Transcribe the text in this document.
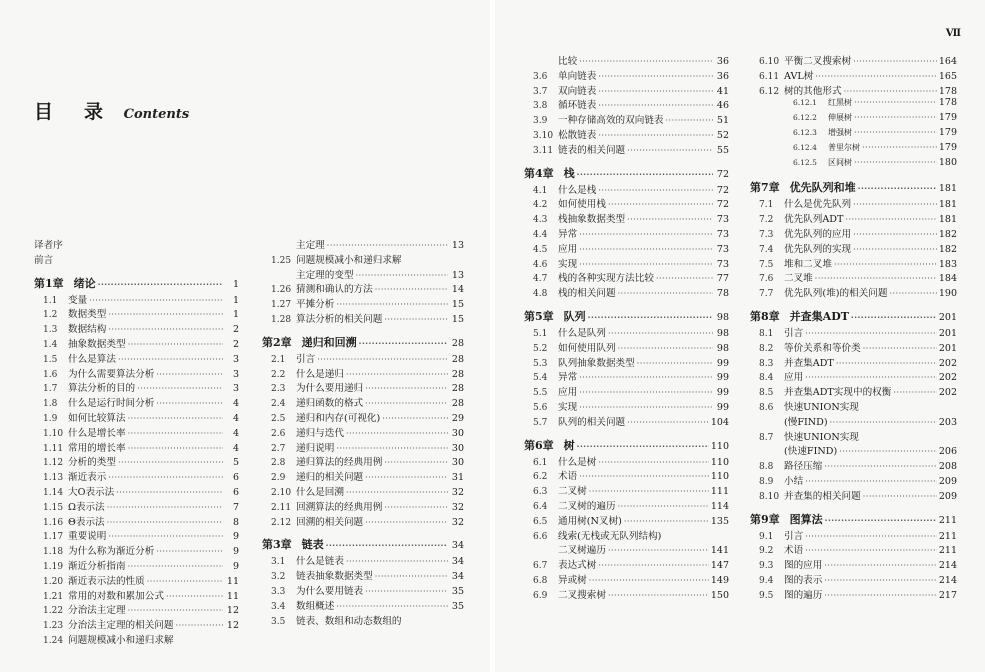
目　录 Contents
Ⅶ
译者序
前言
第1章 绪论 ·····	1
1.1	变量 ·····	1
1.2	数据类型 ·····	1
1.3	数据结构 ·····	2
1.4	抽象数据类型 ·····	2
1.5	什么是算法 ·····	3
1.6	为什么需要算法分析 ·····	3
1.7	算法分析的目的 ·····	3
1.8	什么是运行时间分析 ·····	4
1.9	如何比较算法 ·····	4
1.10 什么是增长率 ·····	4
1.11 常用的增长率 ·····	4
1.12 分析的类型 ·····	5
1.13 渐近表示 ·····	6
1.14 大O表示法 ·····	6
1.15 Ω表示法 ·····	7
1.16 Θ表示法 ·····	8
1.17 重要说明 ·····	9
1.18 为什么称为渐近分析 ·····	9
1.19 渐近分析指南 ·····	9
1.20 渐近表示法的性质 ·····	11
1.21 常用的对数和累加公式 ·····	11
1.22 分治法主定理 ·····	12
1.23 分治法主定理的相关问题 ·····	12
1.24 问题规模减小和递归求解
主定理 ·····	13
1.25 问题规模减小和递归求解
主定理的变型 ·····	13
1.26 猜测和确认的方法 ·····	14
1.27 平摊分析 ·····	15
1.28 算法分析的相关问题 ·····	15
第2章 递归和回溯 ·····	28
2.1	引言 ·····	28
2.2	什么是递归 ·····	28
2.3	为什么要用递归 ·····	28
2.4	递归函数的格式 ·····	28
2.5	递归和内存(可视化) ·····	29
2.6	递归与迭代 ·····	30
2.7	递归说明 ·····	30
2.8	递归算法的经典用例 ·····	30
2.9	递归的相关问题 ·····	31
2.10 什么是回溯 ·····	32
2.11 回溯算法的经典用例 ·····	32
2.12 回溯的相关问题 ·····	32
第3章 链表 ·····	34
3.1	什么是链表 ·····	34
3.2	链表抽象数据类型 ·····	34
3.3	为什么要用链表 ·····	35
3.4	数组概述 ·····	35
3.5	链表、数组和动态数组的
比较 ·····	36
3.6	单向链表 ·····	36
3.7	双向链表 ·····	41
3.8	循环链表 ·····	46
3.9	一种存储高效的双向链表 ·····	51
3.10 松散链表 ·····	52
3.11 链表的相关问题 ·····	55
第4章 栈 ·····	72
4.1	什么是栈 ·····	72
4.2	如何使用栈 ·····	72
4.3	栈抽象数据类型 ·····	73
4.4	异常 ·····	73
4.5	应用 ·····	73
4.6	实现 ·····	73
4.7	栈的各种实现方法比较 ·····	77
4.8	栈的相关问题 ·····	78
第5章 队列 ·····	98
5.1	什么是队列 ·····	98
5.2	如何使用队列 ·····	98
5.3	队列抽象数据类型 ·····	99
5.4	异常 ·····	99
5.5	应用 ·····	99
5.6	实现 ·····	99
5.7	队列的相关问题 ·····	104
第6章 树 ·····	110
6.1	什么是树 ·····	110
6.2	术语 ·····	110
6.3	二叉树 ·····	111
6.4	二叉树的遍历 ·····	114
6.5	通用树(N叉树) ·····	135
6.6	线索(无栈或无队列结构)
二叉树遍历 ·····	141
6.7	表达式树 ·····	147
6.8	异或树 ·····	149
6.9	二叉搜索树 ·····	150
6.10 平衡二叉搜索树 ·····	164
6.11 AVL树 ·····	165
6.12 树的其他形式 ·····	178
6.12.1	红黑树 ·····	178
6.12.2	伸展树 ·····	179
6.12.3	增强树 ·····	179
6.12.4	普里尔树 ·····	179
6.12.5	区间树 ·····	180
第7章 优先队列和堆 ·····	181
7.1	什么是优先队列 ·····	181
7.2	优先队列ADT ·····	181
7.3	优先队列的应用 ·····	182
7.4	优先队列的实现 ·····	182
7.5	堆和二叉堆 ·····	183
7.6	二叉堆 ·····	184
7.7	优先队列(堆)的相关问题 ·····	190
第8章 并查集ADT ·····	201
8.1	引言 ·····	201
8.2	等价关系和等价类 ·····	201
8.3	并查集ADT ·····	202
8.4	应用 ·····	202
8.5	并查集ADT实现中的权衡 ·····	202
8.6	快速UNION实现
(慢FIND) ·····	203
8.7	快速UNION实现
(快速FIND) ·····	206
8.8	路径压缩 ·····	208
8.9	小结 ·····	209
8.10 并查集的相关问题 ·····	209
第9章 图算法 ·····	211
9.1	引言 ·····	211
9.2	术语 ·····	211
9.3	图的应用 ·····	214
9.4	图的表示 ·····	214
9.5	图的遍历 ·····	217
